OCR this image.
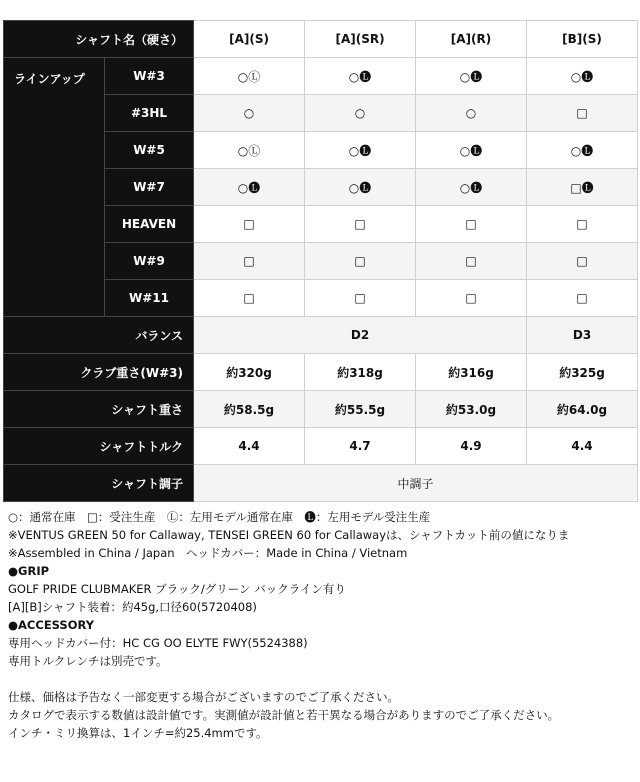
シャフト名（硬さ）		[A](S)	[A](SR)	[A](R)	[B](S)
ラインアップ	W#3	○Ⓛ	○🅛	○🅛	○🅛
	#3HL	○	○	○	□
	W#5	○Ⓛ	○🅛	○🅛	○🅛
	W#7	○🅛	○🅛	○🅛	□🅛
	HEAVEN	□	□	□	□
	W#9	□	□	□	□
	W#11	□	□	□	□
バランス		D2			D3
クラブ重さ(W#3)		約320g	約318g	約316g	約325g
シャフト重さ		約58.5g	約55.5g	約53.0g	約64.0g
シャフトトルク		4.4	4.7	4.9	4.4
シャフト調子		中調子			
○：通常在庫　□：受注生産　Ⓛ：左用モデル通常在庫　🅛：左用モデル受注生産
※VENTUS GREEN 50 for Callaway, TENSEI GREEN 60 for Callawayは、シャフトカット前の値になりま
※Assembled in China / Japan　ヘッドカバー：Made in China / Vietnam
●GRIP
GOLF PRIDE CLUBMAKER ブラック/グリーン バックライン有り
[A][B]シャフト装着：約45g,口径60(5720408)
●ACCESSORY
専用ヘッドカバー付：HC CG OO ELYTE FWY(5524388)
専用トルクレンチは別売です。
仕様、価格は予告なく一部変更する場合がございますのでご了承ください。
カタログで表示する数値は設計値です。実測値が設計値と若干異なる場合がありますのでご了承ください。
インチ・ミリ換算は、1インチ=約25.4mmです。
